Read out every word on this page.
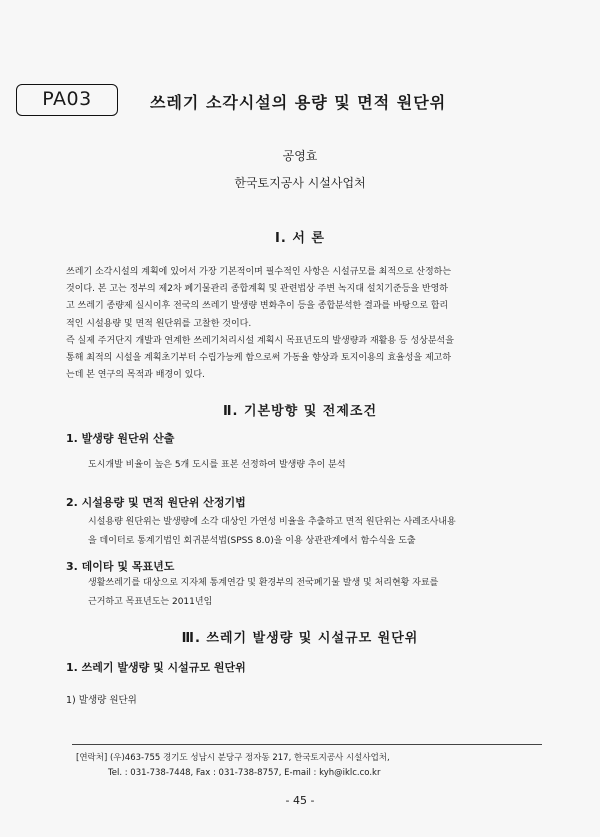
PA03	쓰레기 소각시설의 용량 및 면적 원단위
공영효
한국토지공사 시설사업처
Ⅰ. 서 론

쓰레기 소각시설의 계획에 있어서 가장 기본적이며 필수적인 사항은 시설규모를 최적으로 산정하는

것이다. 본 고는 정부의 제2차 폐기물관리 종합계획 및 관련법상 주변 녹지대 설치기준등을 반영하

고 쓰레기 종량제 실시이후 전국의 쓰레기 발생량 변화추이 등을 종합분석한 결과를 바탕으로 합리

적인 시설용량 및 면적 원단위를 고찰한 것이다.

즉 실제 주거단지 개발과 연계한 쓰레기처리시설 계획시 목표년도의 발생량과 재활용 등 성상분석을

통해 최적의 시설을 계획초기부터 수립가능케 함으로써 가동율 향상과 토지이용의 효율성을 제고하

는데 본 연구의 목적과 배경이 있다.

Ⅱ. 기본방향 및 전제조건
1. 발생량 원단위 산출
도시개발 비율이 높은 5개 도시를 표본 선정하여 발생량 추이 분석
2. 시설용량 및 면적 원단위 산정기법
시설용량 원단위는 발생량에 소각 대상인 가연성 비율을 추출하고 면적 원단위는 사례조사내용
을 데이터로 통계기법인 회귀분석법(SPSS 8.0)을 이용 상관관계에서 함수식을 도출
3. 데이타 및 목표년도
생활쓰레기를 대상으로 지자체 통계연감 및 환경부의 전국폐기물 발생 및 처리현황 자료를
근거하고 목표년도는 2011년임
Ⅲ. 쓰레기 발생량 및 시설규모 원단위
1. 쓰레기 발생량 및 시설규모 원단위
1) 발생량 원단위
[연락처] (우)463-755 경기도 성남시 분당구 정자동 217, 한국토지공사 시설사업처,
Tel. : 031-738-7448, Fax : 031-738-8757, E-mail : kyh@iklc.co.kr
- 45 -
